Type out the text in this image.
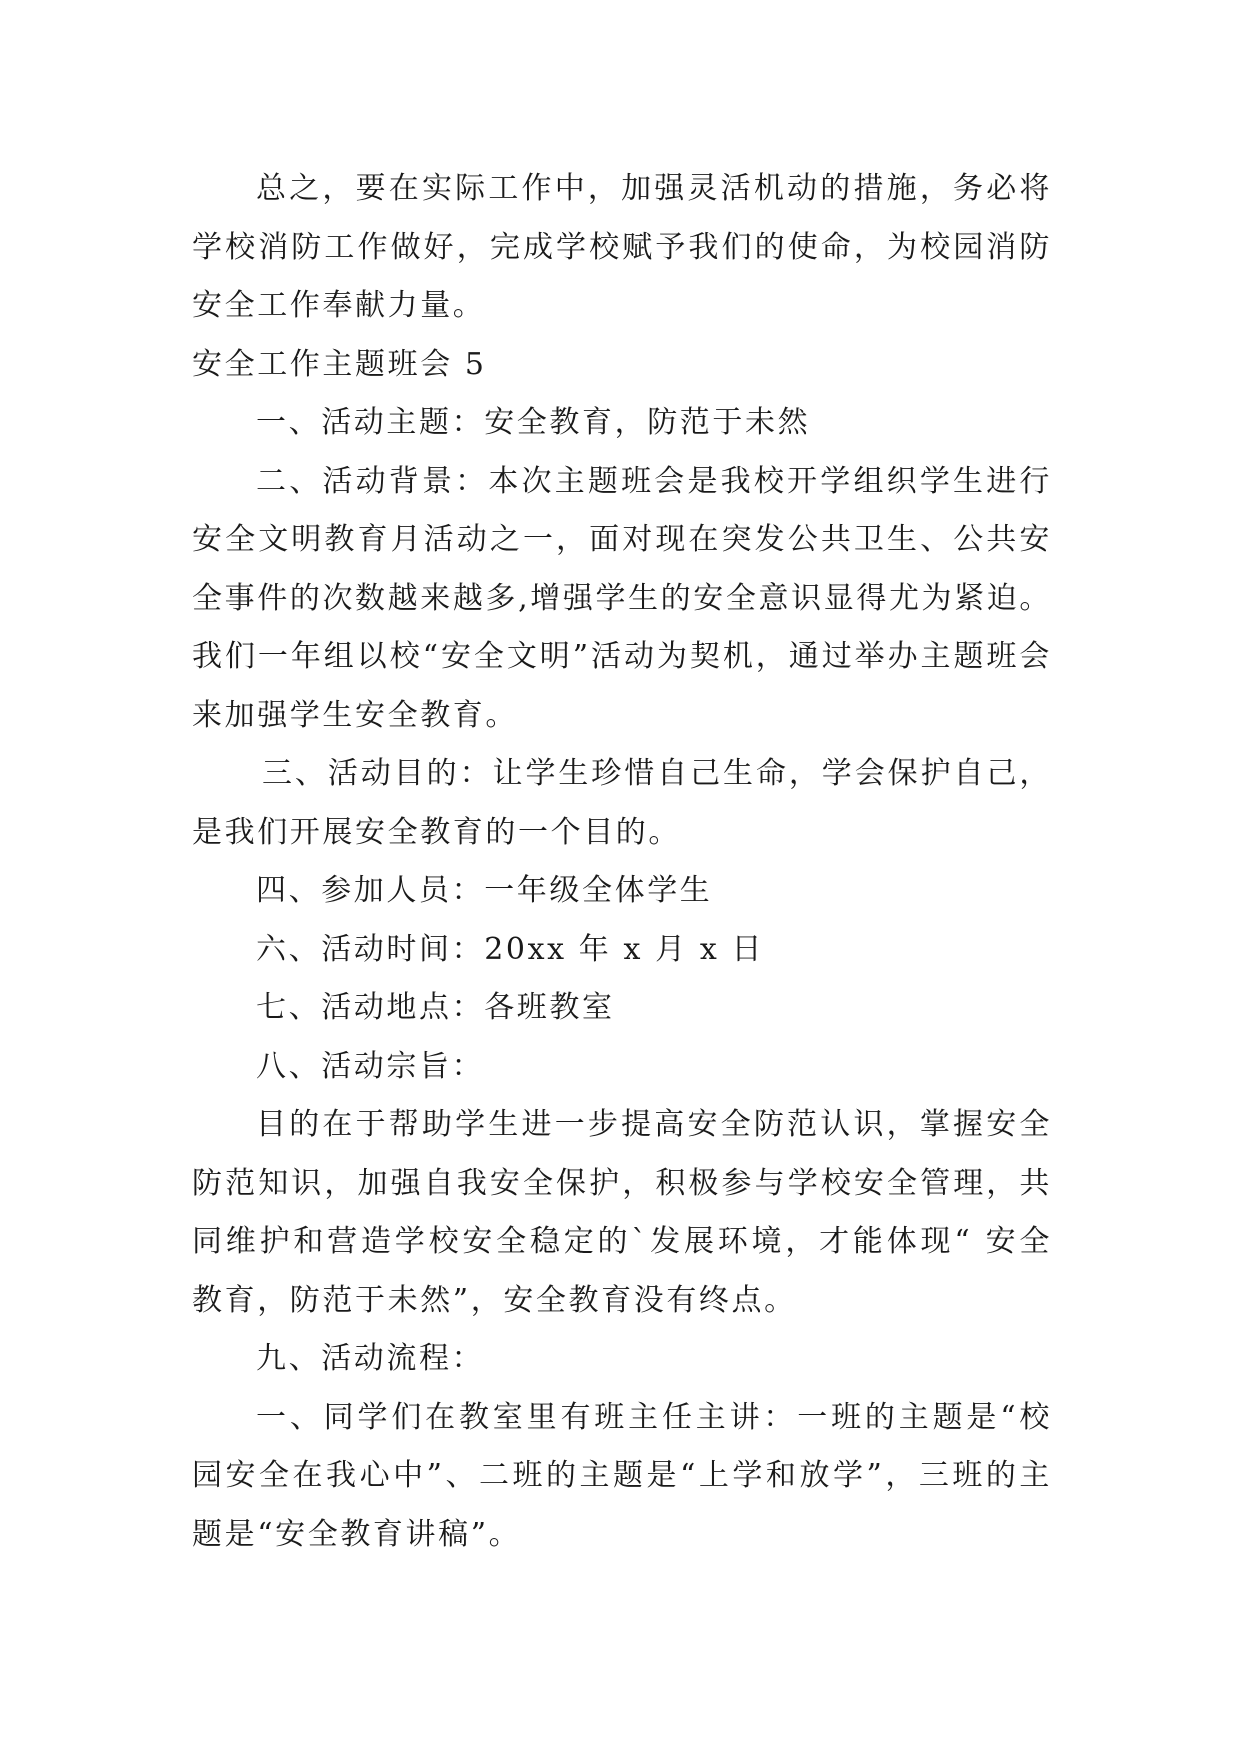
总之，要在实际工作中，加强灵活机动的措施，务必将学校消防工作做好，完成学校赋予我们的使命，为校园消防安全工作奉献力量。

安全工作主题班会 5

一、活动主题：安全教育，防范于未然

二、活动背景：本次主题班会是我校开学组织学生进行安全文明教育月活动之一，面对现在突发公共卫生、公共安全事件的次数越来越多,增强学生的安全意识显得尤为紧迫。我们一年组以校“安全文明”活动为契机，通过举办主题班会来加强学生安全教育。

三、活动目的：让学生珍惜自己生命，学会保护自己，是我们开展安全教育的一个目的。

四、参加人员：一年级全体学生

六、活动时间：20xx 年 x 月 x 日

七、活动地点：各班教室

八、活动宗旨：

目的在于帮助学生进一步提高安全防范认识，掌握安全防范知识，加强自我安全保护，积极参与学校安全管理，共同维护和营造学校安全稳定的`发展环境，才能体现“ 安全教育，防范于未然”，安全教育没有终点。

九、活动流程：

一、同学们在教室里有班主任主讲：一班的主题是“校园安全在我心中”、二班的主题是“上学和放学”，三班的主题是“安全教育讲稿”。
